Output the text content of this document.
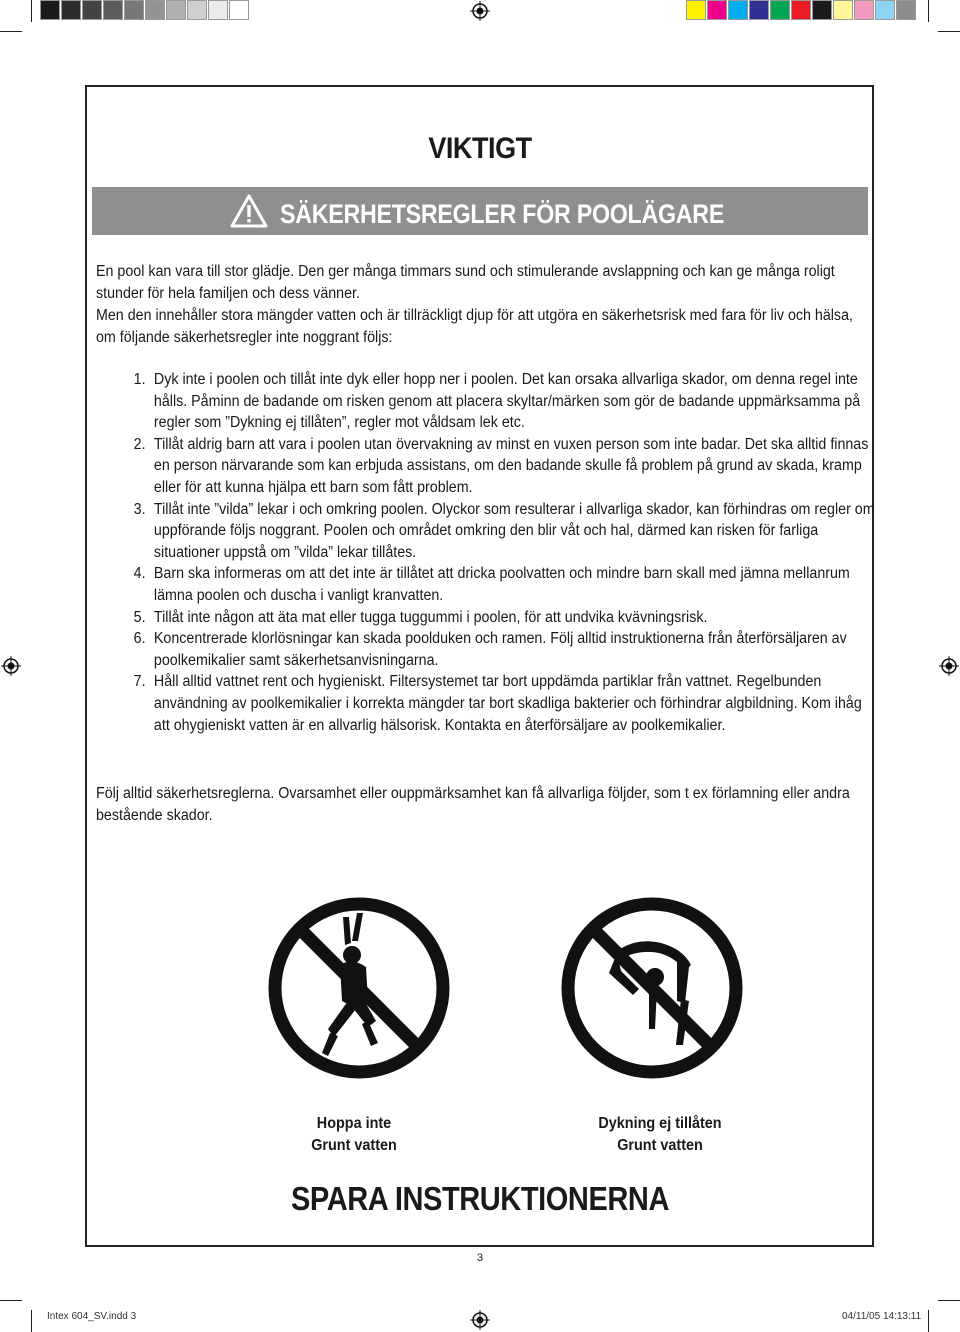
Intex 604_SV.indd 3	04/11/05 14:13:11
VIKTIGT
SÄKERHETSREGLER FÖR POOLÄGARE
En pool kan vara till stor glädje. Den ger många timmars sund och stimulerande avslappning och kan ge många roligt stunder för hela familjen och dess vänner.
Men den innehåller stora mängder vatten och är tillräckligt djup för att utgöra en säkerhetsrisk med fara för liv och hälsa, om följande säkerhetsregler inte noggrant följs:
1. Dyk inte i poolen och tillåt inte dyk eller hopp ner i poolen. Det kan orsaka allvarliga skador, om denna regel inte hålls. Påminn de badande om risken genom att placera skyltar/märken som gör de badande uppmärksamma på regler som ”Dykning ej tillåten”, regler mot våldsam lek etc.
2. Tillåt aldrig barn att vara i poolen utan övervakning av minst en vuxen person som inte badar. Det ska alltid finnas en person närvarande som kan erbjuda assistans, om den badande skulle få problem på grund av skada, kramp eller för att kunna hjälpa ett barn som fått problem.
3. Tillåt inte ”vilda” lekar i och omkring poolen. Olyckor som resulterar i allvarliga skador, kan förhindras om regler om uppförande följs noggrant. Poolen och området omkring den blir våt och hal, därmed kan risken för farliga situationer uppstå om ”vilda” lekar tillåtes.
4. Barn ska informeras om att det inte är tillåtet att dricka poolvatten och mindre barn skall med jämna mellanrum lämna poolen och duscha i vanligt kranvatten.
5. Tillåt inte någon att äta mat eller tugga tuggummi i poolen, för att undvika kvävningsrisk.
6. Koncentrerade klorlösningar kan skada poolduken och ramen. Följ alltid instruktionerna från återförsäljaren av poolkemikalier samt säkerhetsanvisningarna.
7. Håll alltid vattnet rent och hygieniskt. Filtersystemet tar bort uppdämda partiklar från vattnet. Regelbunden användning av poolkemikalier i korrekta mängder tar bort skadliga bakterier och förhindrar algbildning. Kom ihåg att ohygieniskt vatten är en allvarlig hälsorisk. Kontakta en återförsäljare av poolkemikalier.
Följ alltid säkerhetsreglerna. Ovarsamhet eller ouppmärksamhet kan få allvarliga följder, som t ex förlamning eller andra bestående skador.
Hoppa inte
Grunt vatten
Dykning ej tillåten
Grunt vatten
SPARA INSTRUKTIONERNA
3
